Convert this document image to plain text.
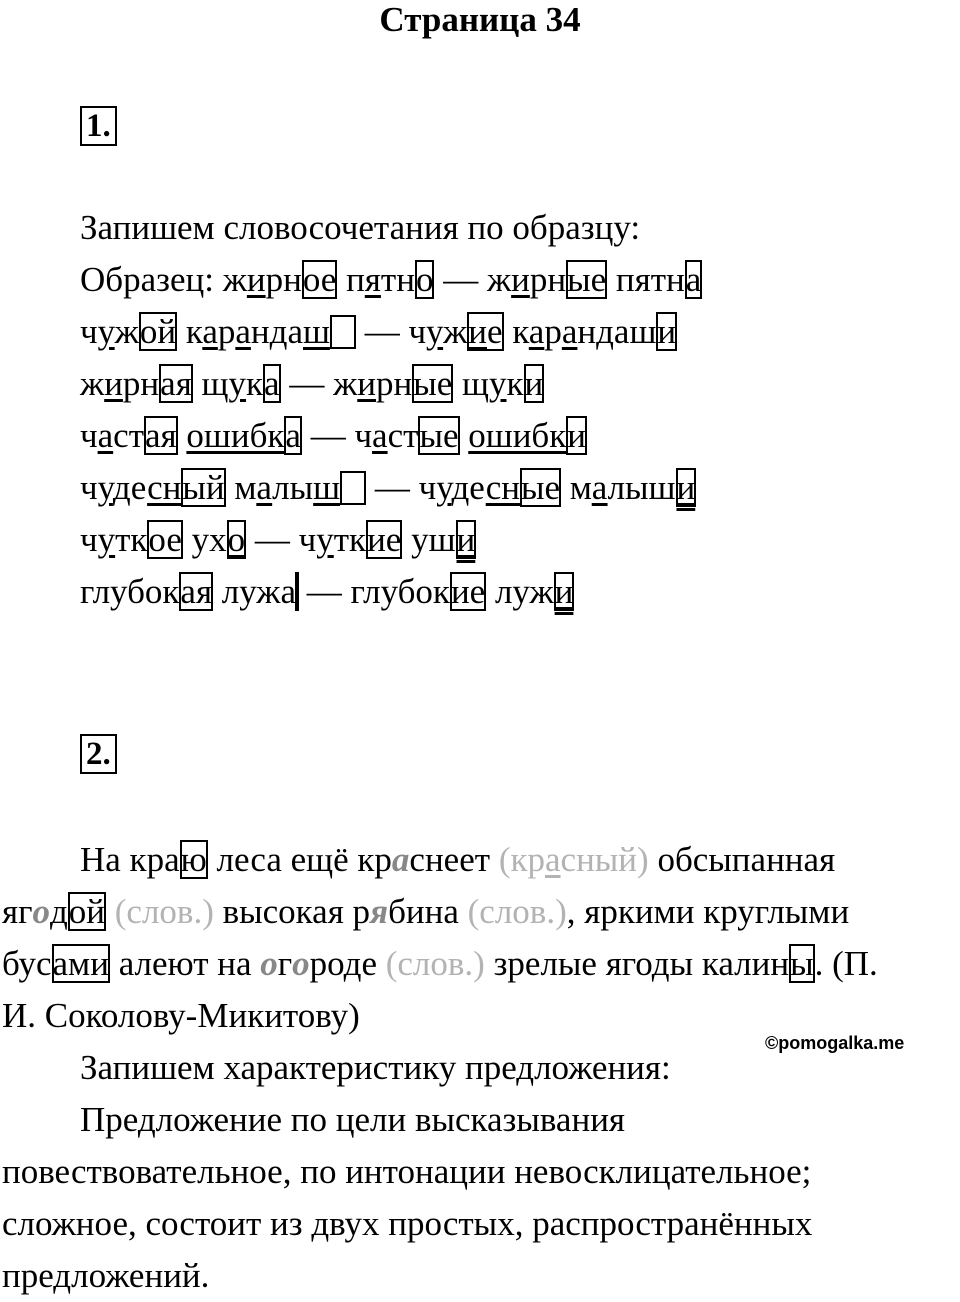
Страница 34
1.
Запишем словосочетания по образцу:
Образец: жирное пятно — жирные пятна
чужой карандаш — чужие карандаши
жирная щука — жирные щуки
частая ошибка — частые ошибки
чудесный малыш — чудесные малыши
чуткое ухо — чуткие уши
глубокая лужа — глубокие лужи
2.
На краю леса ещё краснеет (красный) обсыпанная
ягодой (слов.) высокая рябина (слов.), яркими круглыми
бусами алеют на огороде (слов.) зрелые ягоды калины. (П.
И. Соколову-Микитову)
©pomogalka.me
Запишем характеристику предложения:
Предложение по цели высказывания
повествовательное, по интонации невосклицательное;
сложное, состоит из двух простых, распространённых
предложений.
